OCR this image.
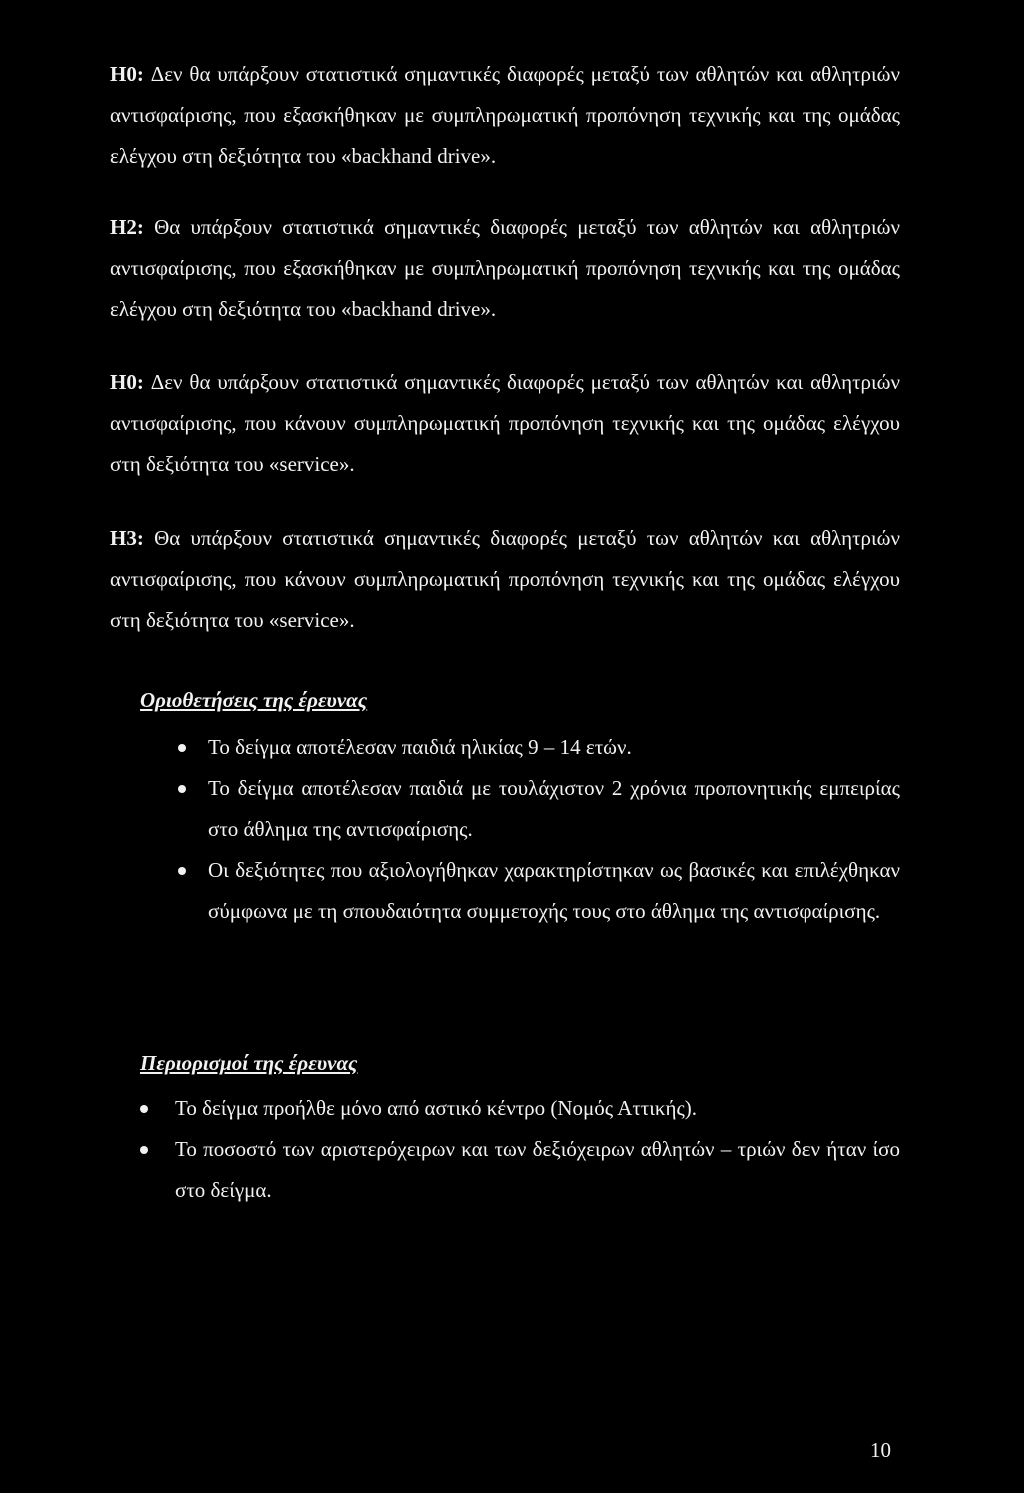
H0: Δεν θα υπάρξουν στατιστικά σημαντικές διαφορές μεταξύ των αθλητών και αθλητριών αντισφαίρισης, που εξασκήθηκαν με συμπληρωματική προπόνηση τεχνικής και της ομάδας ελέγχου στη δεξιότητα του «backhand drive».

H2: Θα υπάρξουν στατιστικά σημαντικές διαφορές μεταξύ των αθλητών και αθλητριών αντισφαίρισης, που εξασκήθηκαν με συμπληρωματική προπόνηση τεχνικής και της ομάδας ελέγχου στη δεξιότητα του «backhand drive».

H0: Δεν θα υπάρξουν στατιστικά σημαντικές διαφορές μεταξύ των αθλητών και αθλητριών αντισφαίρισης, που κάνουν συμπληρωματική προπόνηση τεχνικής και της ομάδας ελέγχου στη δεξιότητα του «service».

H3: Θα υπάρξουν στατιστικά σημαντικές διαφορές μεταξύ των αθλητών και αθλητριών αντισφαίρισης, που κάνουν συμπληρωματική προπόνηση τεχνικής και της ομάδας ελέγχου στη δεξιότητα του «service».

Οριοθετήσεις της έρευνας
Το δείγμα αποτέλεσαν παιδιά ηλικίας 9 – 14 ετών.
Το δείγμα αποτέλεσαν παιδιά με τουλάχιστον 2 χρόνια προπονητικής εμπειρίας στο άθλημα της αντισφαίρισης.
Οι δεξιότητες που αξιολογήθηκαν χαρακτηρίστηκαν ως βασικές και επιλέχθηκαν σύμφωνα με τη σπουδαιότητα συμμετοχής τους στο άθλημα της αντισφαίρισης.
Περιορισμοί της έρευνας
Το δείγμα προήλθε μόνο από αστικό κέντρο (Νομός Αττικής).
Το ποσοστό των αριστερόχειρων και των δεξιόχειρων αθλητών – τριών δεν ήταν ίσο στο δείγμα.
10
